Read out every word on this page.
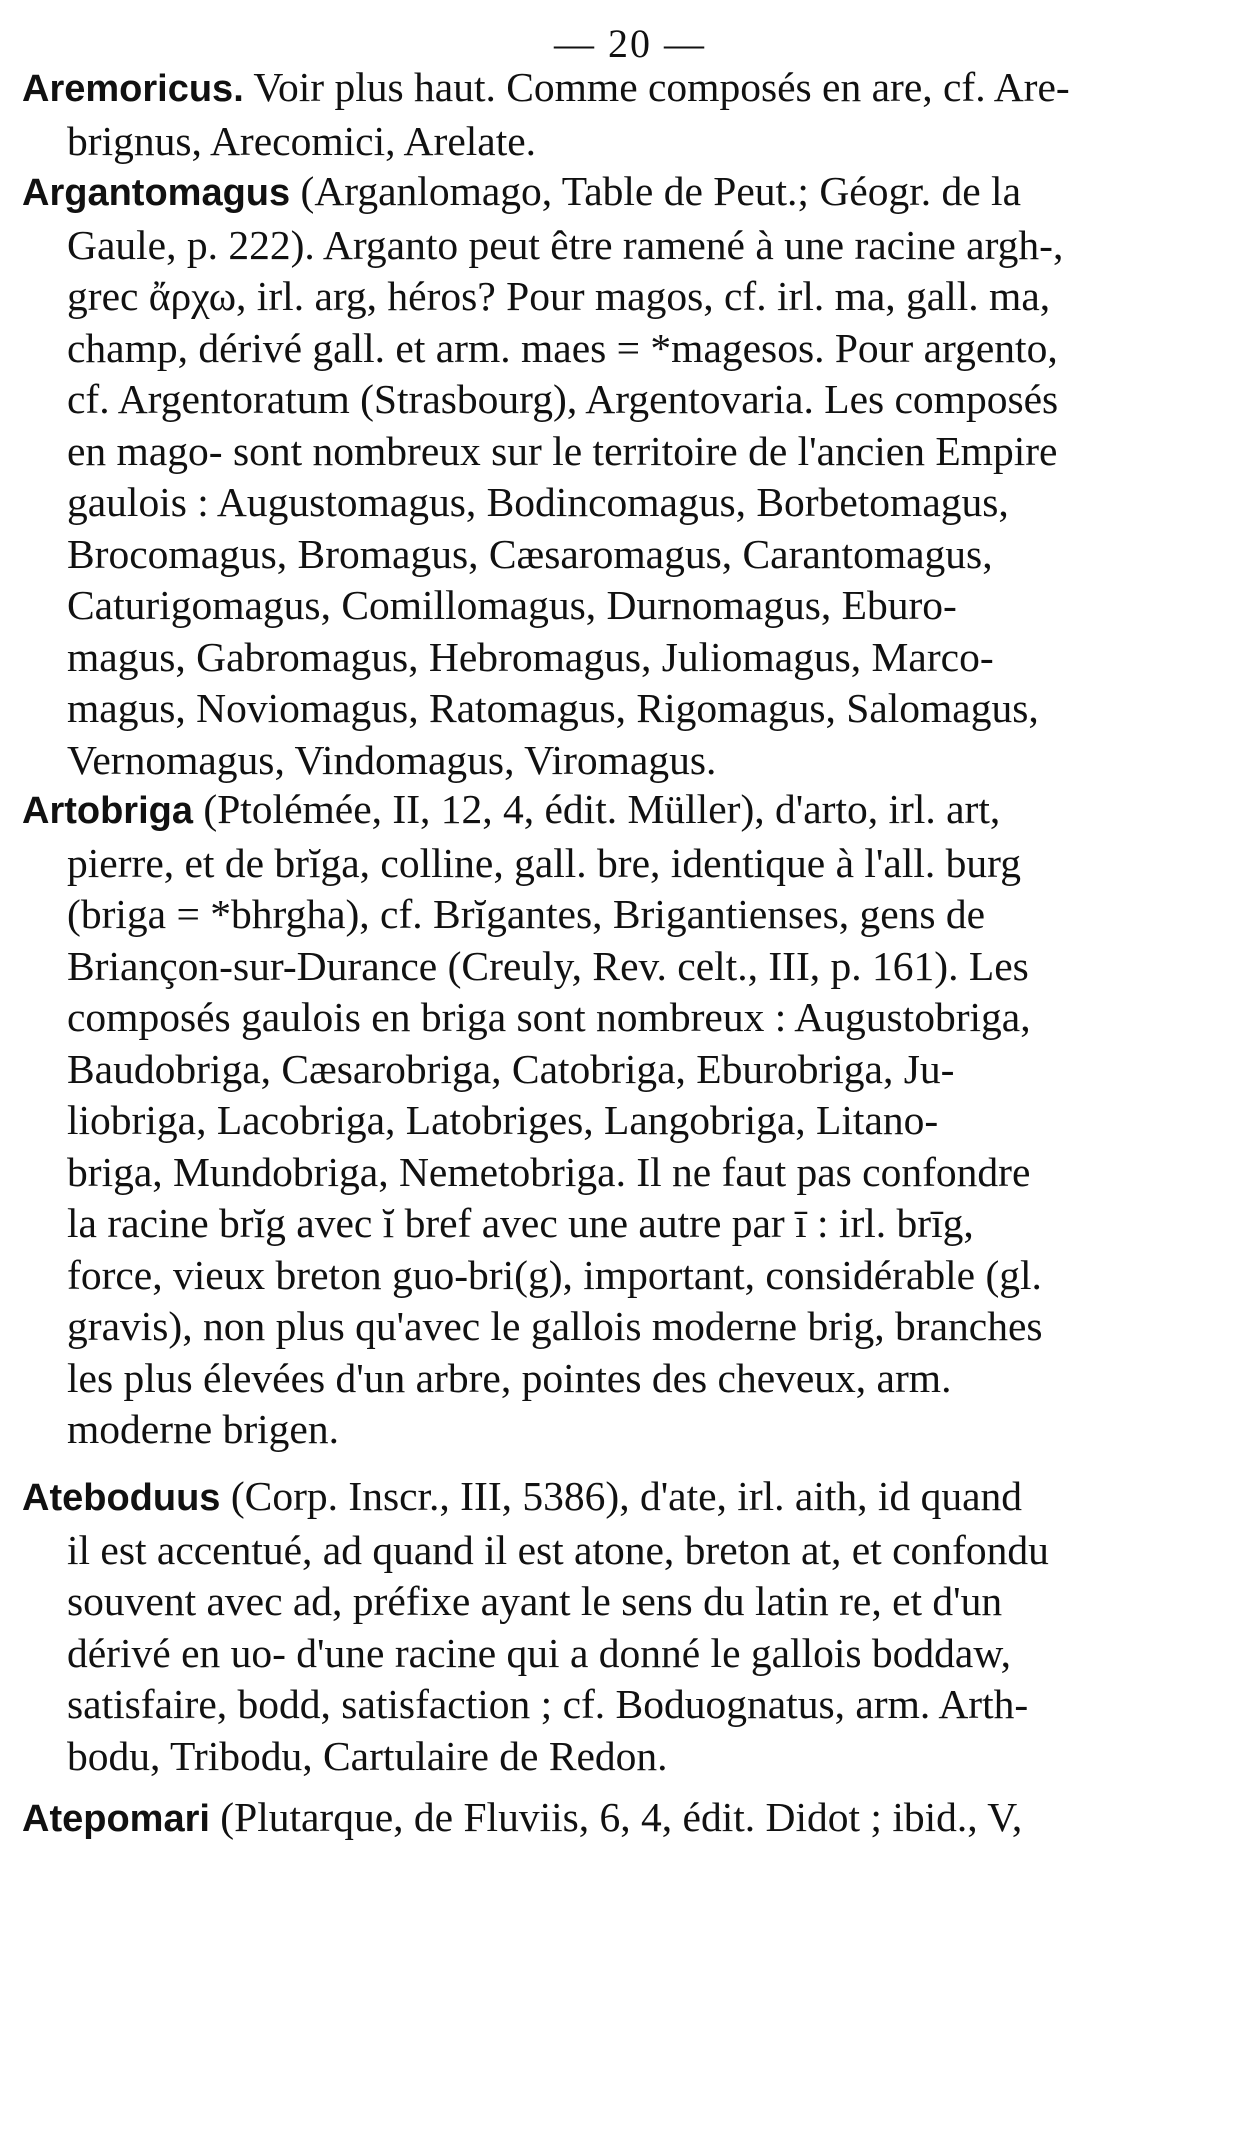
— 20 —
Aremoricus. Voir plus haut. Comme composés en are, cf. Are-
brignus, Arecomici, Arelate.
Argantomagus (Arganlomago, Table de Peut.; Géogr. de la
Gaule, p. 222). Arganto peut être ramené à une racine argh-,
grec ἄρχω, irl. arg, héros? Pour magos, cf. irl. ma, gall. ma,
champ, dérivé gall. et arm. maes = *magesos. Pour argento,
cf. Argentoratum (Strasbourg), Argentovaria. Les composés
en mago- sont nombreux sur le territoire de l'ancien Empire
gaulois : Augustomagus, Bodincomagus, Borbetomagus,
Brocomagus, Bromagus, Cæsaromagus, Carantomagus,
Caturigomagus, Comillomagus, Durnomagus, Eburo-
magus, Gabromagus, Hebromagus, Juliomagus, Marco-
magus, Noviomagus, Ratomagus, Rigomagus, Salomagus,
Vernomagus, Vindomagus, Viromagus.
Artobriga (Ptolémée, II, 12, 4, édit. Müller), d'arto, irl. art,
pierre, et de brĭga, colline, gall. bre, identique à l'all. burg
(briga = *bhrgha), cf. Brĭgantes, Brigantienses, gens de
Briançon-sur-Durance (Creuly, Rev. celt., III, p. 161). Les
composés gaulois en briga sont nombreux : Augustobriga,
Baudobriga, Cæsarobriga, Catobriga, Eburobriga, Ju-
liobriga, Lacobriga, Latobriges, Langobriga, Litano-
briga, Mundobriga, Nemetobriga. Il ne faut pas confondre
la racine brĭg avec ĭ bref avec une autre par ī : irl. brīg,
force, vieux breton guo-bri(g), important, considérable (gl.
gravis), non plus qu'avec le gallois moderne brig, branches
les plus élevées d'un arbre, pointes des cheveux, arm.
moderne brigen.
Ateboduus (Corp. Inscr., III, 5386), d'ate, irl. aith, id quand
il est accentué, ad quand il est atone, breton at, et confondu
souvent avec ad, préfixe ayant le sens du latin re, et d'un
dérivé en uo- d'une racine qui a donné le gallois boddaw,
satisfaire, bodd, satisfaction ; cf. Boduognatus, arm. Arth-
bodu, Tribodu, Cartulaire de Redon.
Atepomari (Plutarque, de Fluviis, 6, 4, édit. Didot ; ibid., V,
